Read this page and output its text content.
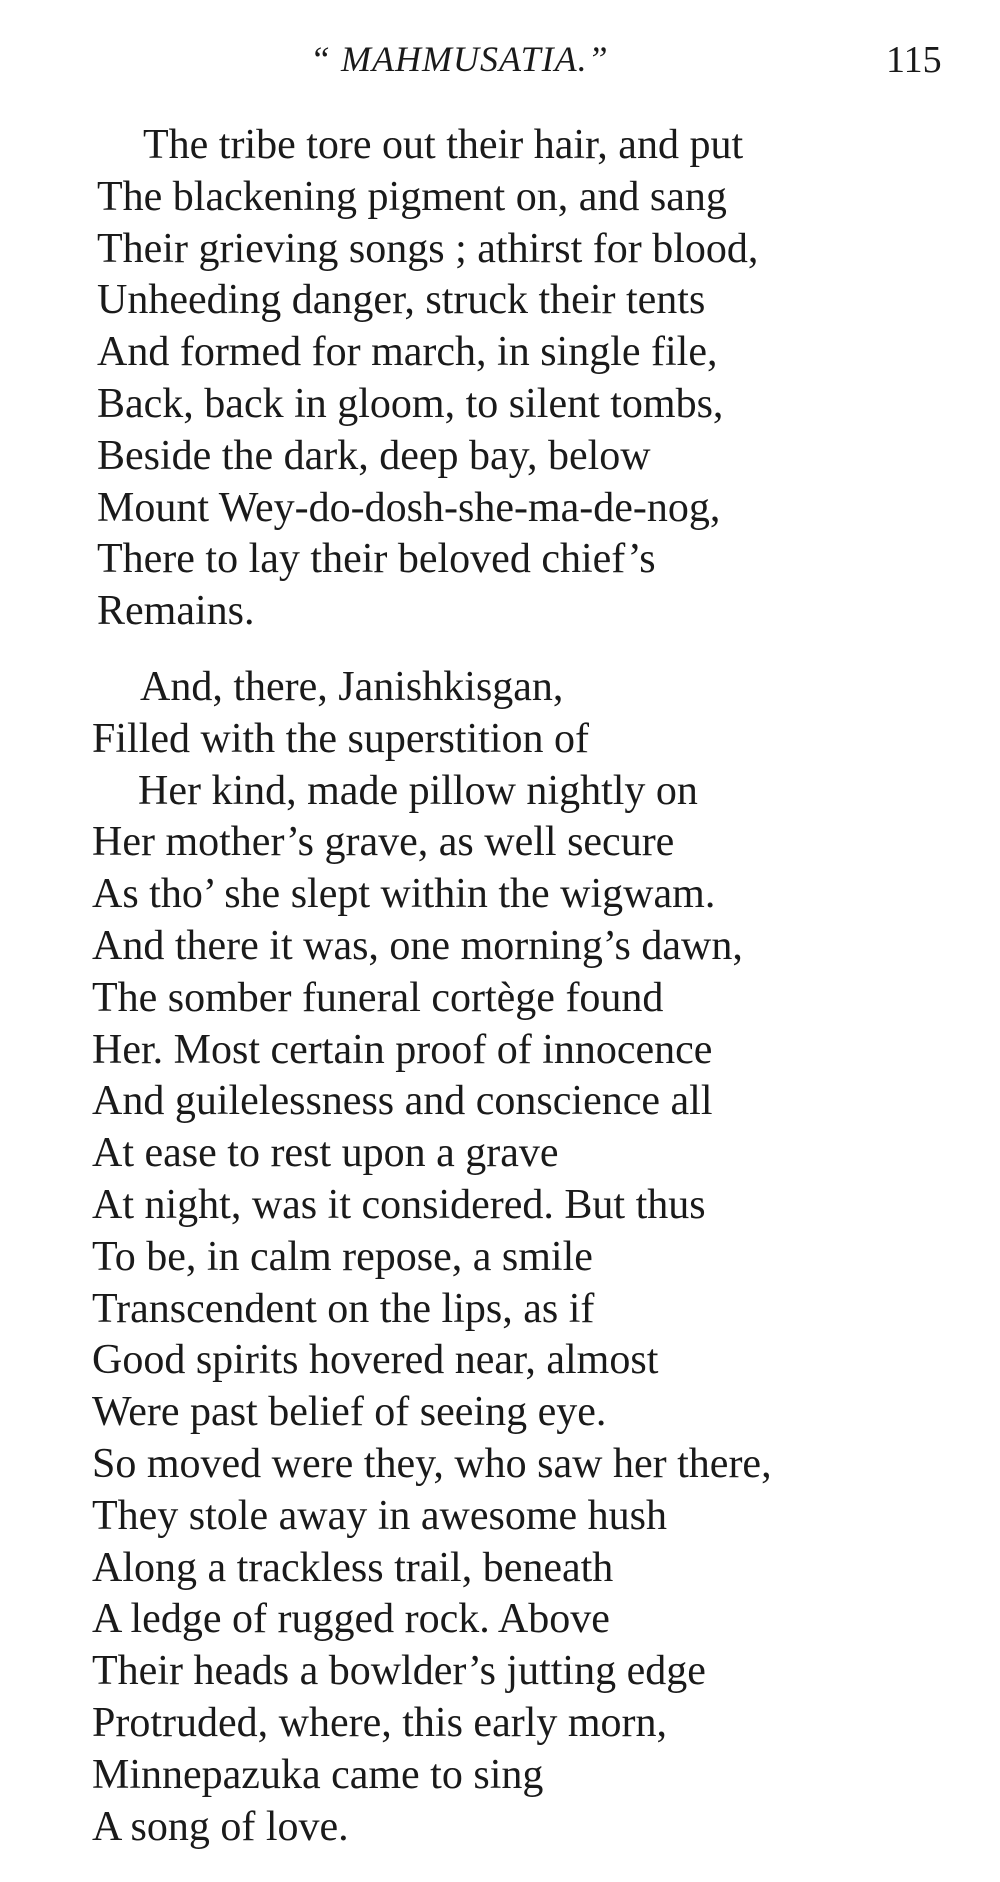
“ MAHMUSATIA.”	115
The tribe tore out their hair, and put
The blackening pigment on, and sang
Their grieving songs ; athirst for blood,
Unheeding danger, struck their tents
And formed for march, in single file,
Back, back in gloom, to silent tombs,
Beside the dark, deep bay, below
Mount Wey-do-dosh-she-ma-de-nog,
There to lay their beloved chief’s
Remains.
And, there, Janishkisgan,
Filled with the superstition of
Her kind, made pillow nightly on
Her mother’s grave, as well secure
As tho’ she slept within the wigwam.
And there it was, one morning’s dawn,
The somber funeral cortège found
Her. Most certain proof of innocence
And guilelessness and conscience all
At ease to rest upon a grave
At night, was it considered. But thus
To be, in calm repose, a smile
Transcendent on the lips, as if
Good spirits hovered near, almost
Were past belief of seeing eye.
So moved were they, who saw her there,
They stole away in awesome hush
Along a trackless trail, beneath
A ledge of rugged rock. Above
Their heads a bowlder’s jutting edge
Protruded, where, this early morn,
Minnepazuka came to sing
A song of love.
